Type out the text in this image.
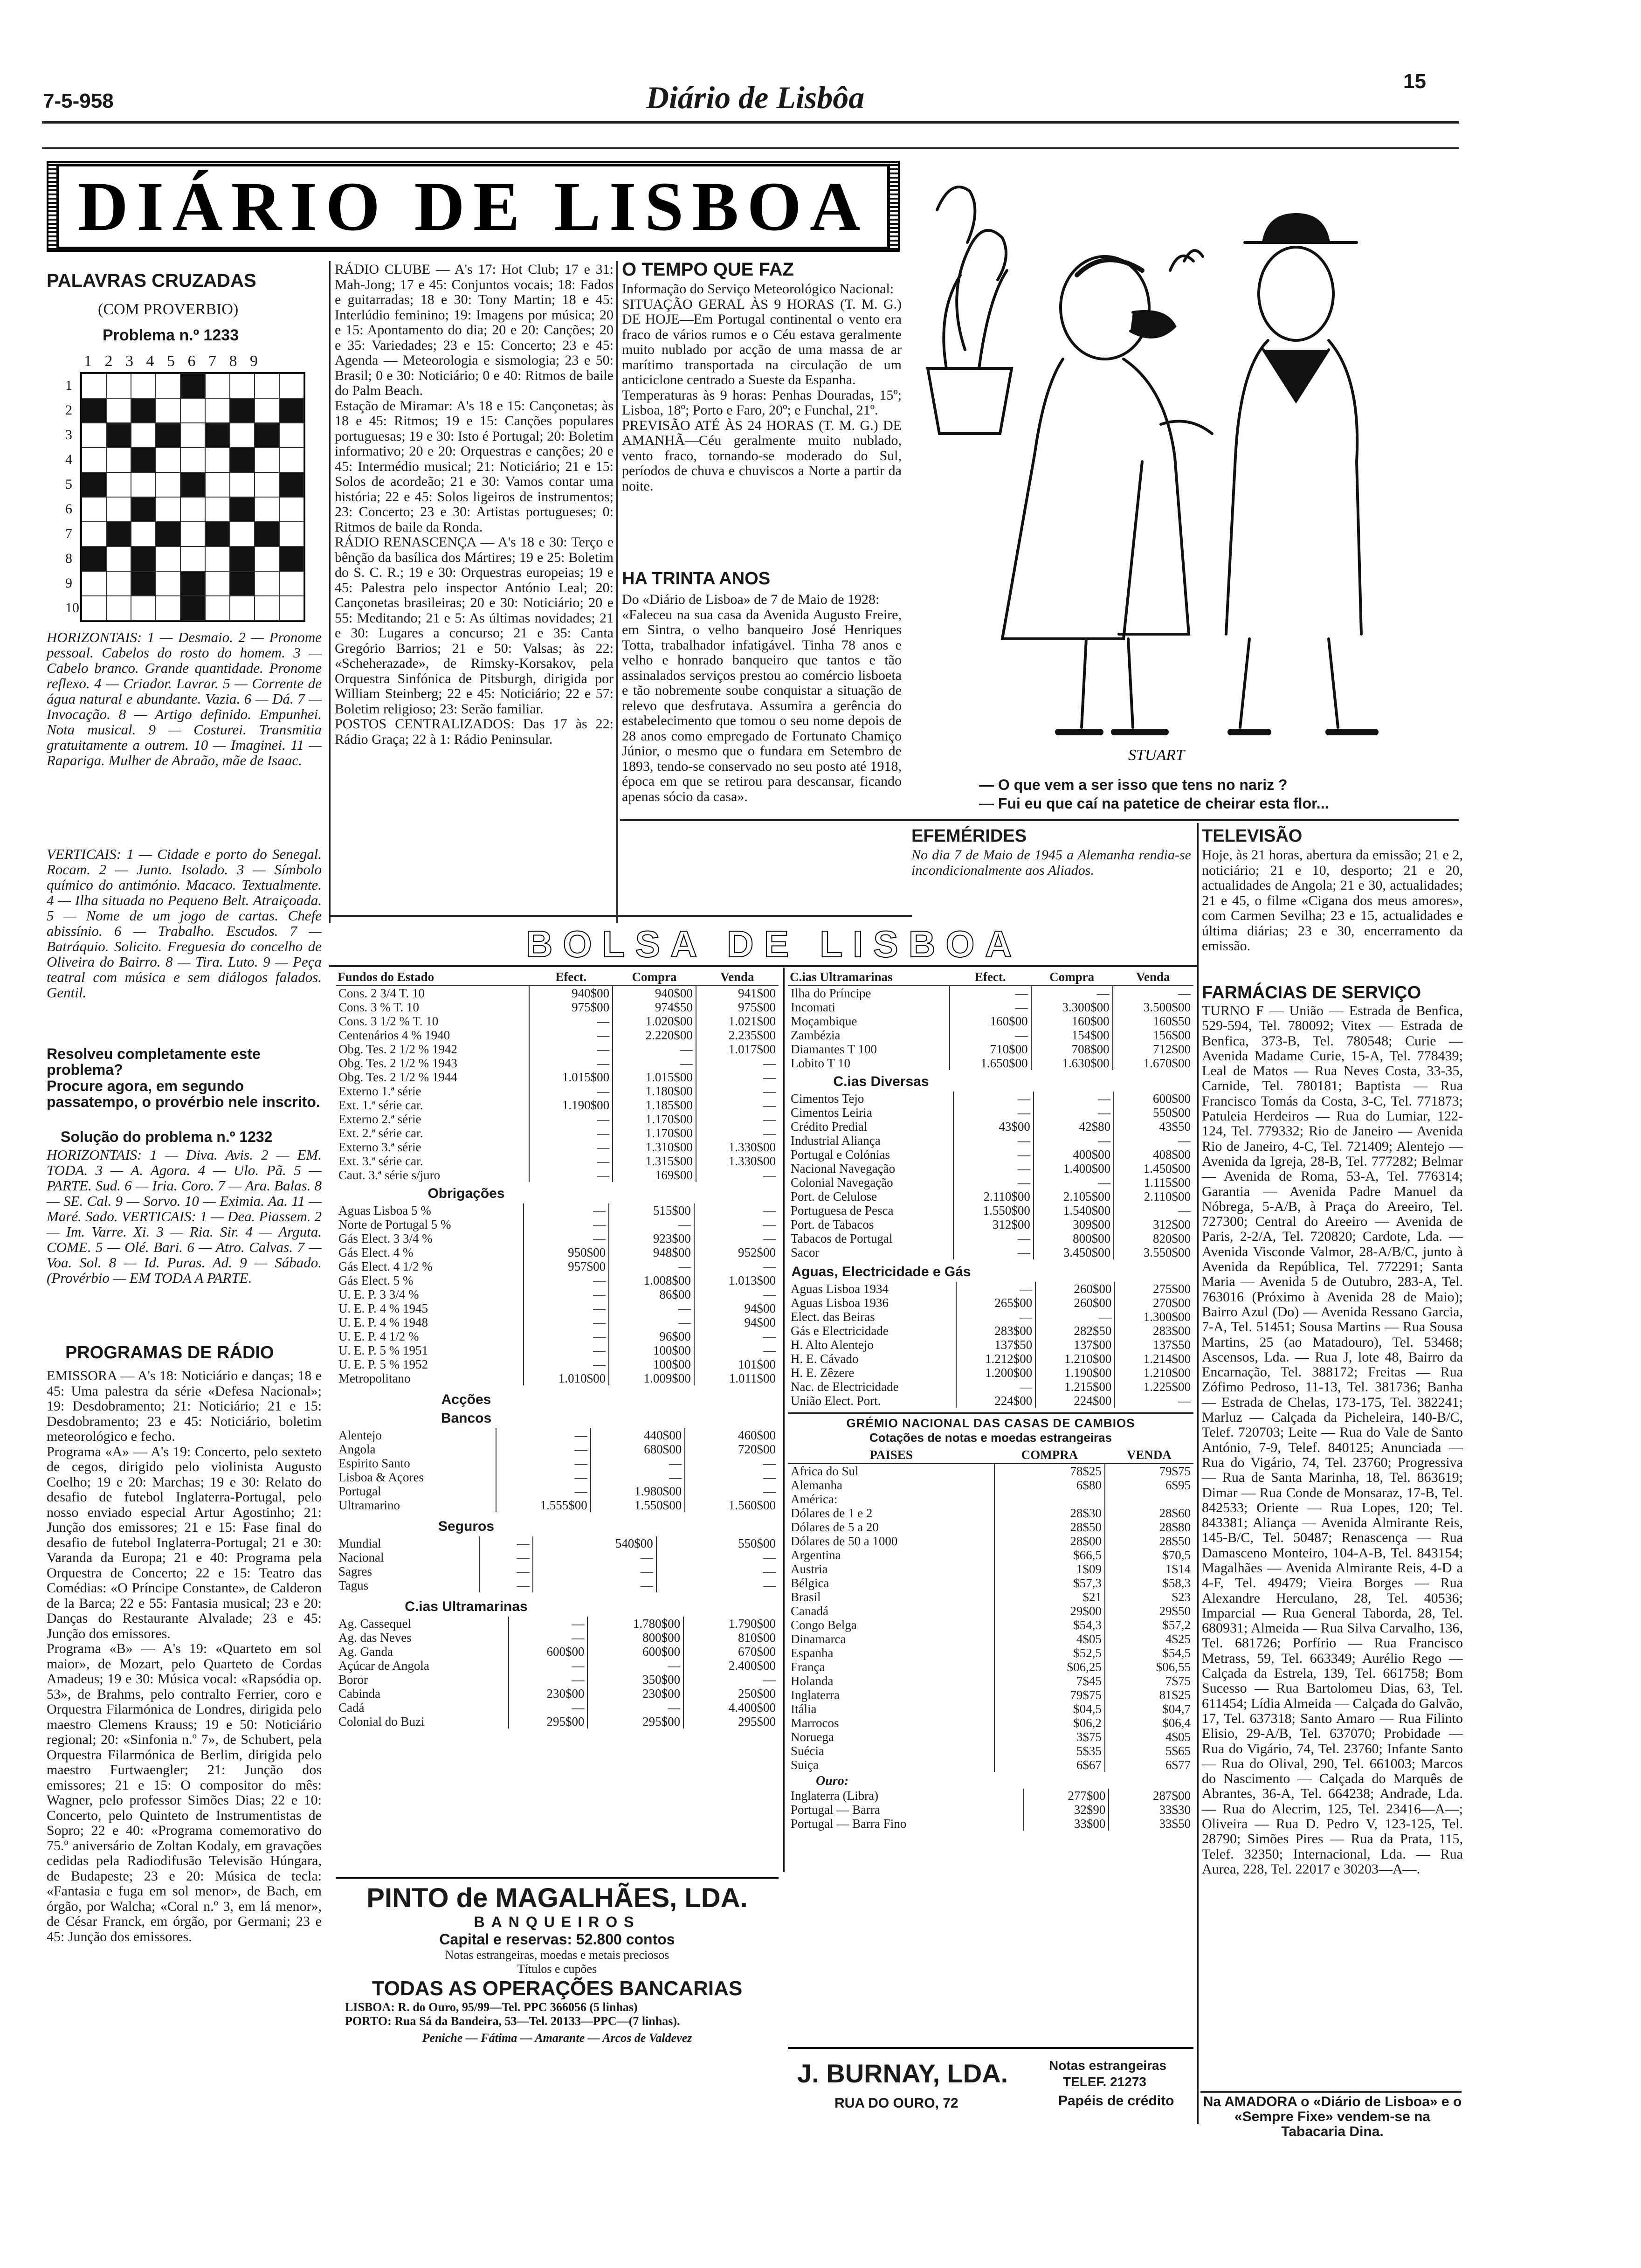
7-5-958	Diário de Lisbôa	15
DIÁRIO DE LISBOA
PALAVRAS CRUZADAS
(COM PROVERBIO)
Problema n.º 1233
1 2 3 4 5 6 7 8 9
1
2
3
4
5
6
7
8
9
10
HORIZONTAIS: 1 — Desmaio. 2 — Pronome pessoal. Cabelos do rosto do homem. 3 — Cabelo branco. Grande quantidade. Pronome reflexo. 4 — Criador. Lavrar. 5 — Corrente de água natural e abundante. Vazia. 6 — Dá. 7 — Invocação. 8 — Artigo definido. Empunhei. Nota musical. 9 — Costurei. Transmitia gratuitamente a outrem. 10 — Imaginei. 11 — Rapariga. Mulher de Abraão, mãe de Isaac.
VERTICAIS: 1 — Cidade e porto do Senegal. Rocam. 2 — Junto. Isolado. 3 — Símbolo químico do antimónio. Macaco. Textualmente. 4 — Ilha situada no Pequeno Belt. Atraiçoada. 5 — Nome de um jogo de cartas. Chefe abissínio. 6 — Trabalho. Escudos. 7 — Batráquio. Solicito. Freguesia do concelho de Oliveira do Bairro. 8 — Tira. Luto. 9 — Peça teatral com música e sem diálogos falados. Gentil.
Resolveu completamente este problema?
Procure agora, em segundo passatempo, o provérbio nele inscrito.
Solução do problema n.º 1232
HORIZONTAIS: 1 — Diva. Avis. 2 — EM. TODA. 3 — A. Agora. 4 — Ulo. Pã. 5 — PARTE. Sud. 6 — Iria. Coro. 7 — Ara. Balas. 8 — SE. Cal. 9 — Sorvo. 10 — Eximia. Aa. 11 — Maré. Sado. VERTICAIS: 1 — Dea. Piassem. 2 — Im. Varre. Xi. 3 — Ria. Sir. 4 — Arguta. COME. 5 — Olé. Bari. 6 — Atro. Calvas. 7 — Voa. Sol. 8 — Id. Puras. Ad. 9 — Sábado. (Provérbio — EM TODA A PARTE.
PROGRAMAS DE RÁDIO
EMISSORA — A's 18: Noticiário e danças; 18 e 45: Uma palestra da série «Defesa Nacional»; 19: Desdobramento; 21: Noticiário; 21 e 15: Desdobramento; 23 e 45: Noticiário, boletim meteorológico e fecho.
Programa «A» — A's 19: Concerto, pelo sexteto de cegos, dirigido pelo violinista Augusto Coelho; 19 e 20: Marchas; 19 e 30: Relato do desafio de futebol Inglaterra-Portugal, pelo nosso enviado especial Artur Agostinho; 21: Junção dos emissores; 21 e 15: Fase final do desafio de futebol Inglaterra-Portugal; 21 e 30: Varanda da Europa; 21 e 40: Programa pela Orquestra de Concerto; 22 e 15: Teatro das Comédias: «O Príncipe Constante», de Calderon de la Barca; 22 e 55: Fantasia musical; 23 e 20: Danças do Restaurante Alvalade; 23 e 45: Junção dos emissores.
Programa «B» — A's 19: «Quarteto em sol maior», de Mozart, pelo Quarteto de Cordas Amadeus; 19 e 30: Música vocal: «Rapsódia op. 53», de Brahms, pelo contralto Ferrier, coro e Orquestra Filarmónica de Londres, dirigida pelo maestro Clemens Krauss; 19 e 50: Noticiário regional; 20: «Sinfonia n.º 7», de Schubert, pela Orquestra Filarmónica de Berlim, dirigida pelo maestro Furtwaengler; 21: Junção dos emissores; 21 e 15: O compositor do mês: Wagner, pelo professor Simões Dias; 22 e 10: Concerto, pelo Quinteto de Instrumentistas de Sopro; 22 e 40: «Programa comemorativo do 75.º aniversário de Zoltan Kodaly, em gravações cedidas pela Radiodifusão Televisão Húngara, de Budapeste; 23 e 20: Música de tecla: «Fantasia e fuga em sol menor», de Bach, em órgão, por Walcha; «Coral n.º 3, em lá menor», de César Franck, em órgão, por Germani; 23 e 45: Junção dos emissores.
RÁDIO CLUBE — A's 17: Hot Club; 17 e 31: Mah-Jong; 17 e 45: Conjuntos vocais; 18: Fados e guitarradas; 18 e 30: Tony Martin; 18 e 45: Interlúdio feminino; 19: Imagens por música; 20 e 15: Apontamento do dia; 20 e 20: Canções; 20 e 35: Variedades; 23 e 15: Concerto; 23 e 45: Agenda — Meteorologia e sismologia; 23 e 50: Brasil; 0 e 30: Noticiário; 0 e 40: Ritmos de baile do Palm Beach.
Estação de Miramar: A's 18 e 15: Cançonetas; às 18 e 45: Ritmos; 19 e 15: Canções populares portuguesas; 19 e 30: Isto é Portugal; 20: Boletim informativo; 20 e 20: Orquestras e canções; 20 e 45: Intermédio musical; 21: Noticiário; 21 e 15: Solos de acordeão; 21 e 30: Vamos contar uma história; 22 e 45: Solos ligeiros de instrumentos; 23: Concerto; 23 e 30: Artistas portugueses; 0: Ritmos de baile da Ronda.
RÁDIO RENASCENÇA — A's 18 e 30: Terço e bênção da basílica dos Mártires; 19 e 25: Boletim do S. C. R.; 19 e 30: Orquestras europeias; 19 e 45: Palestra pelo inspector António Leal; 20: Cançonetas brasileiras; 20 e 30: Noticiário; 20 e 55: Meditando; 21 e 5: As últimas novidades; 21 e 30: Lugares a concurso; 21 e 35: Canta Gregório Barrios; 21 e 50: Valsas; às 22: «Scheherazade», de Rimsky-Korsakov, pela Orquestra Sinfónica de Pitsburgh, dirigida por William Steinberg; 22 e 45: Noticiário; 22 e 57: Boletim religioso; 23: Serão familiar.
POSTOS CENTRALIZADOS: Das 17 às 22: Rádio Graça; 22 à 1: Rádio Peninsular.
O TEMPO QUE FAZ
Informação do Serviço Meteorológico Nacional:
SITUAÇÃO GERAL ÀS 9 HORAS (T. M. G.) DE HOJE—Em Portugal continental o vento era fraco de vários rumos e o Céu estava geralmente muito nublado por acção de uma massa de ar marítimo transportada na circulação de um anticiclone centrado a Sueste da Espanha.
Temperaturas às 9 horas: Penhas Douradas, 15º; Lisboa, 18º; Porto e Faro, 20º; e Funchal, 21º.
PREVISÃO ATÉ ÀS 24 HORAS (T. M. G.) DE AMANHÃ—Céu geralmente muito nublado, vento fraco, tornando-se moderado do Sul, períodos de chuva e chuviscos a Norte a partir da noite.
HA TRINTA ANOS
Do «Diário de Lisboa» de 7 de Maio de 1928:
«Faleceu na sua casa da Avenida Augusto Freire, em Sintra, o velho banqueiro José Henriques Totta, trabalhador infatigável. Tinha 78 anos e velho e honrado banqueiro que tantos e tão assinalados serviços prestou ao comércio lisboeta e tão nobremente soube conquistar a situação de relevo que desfrutava. Assumira a gerência do estabelecimento que tomou o seu nome depois de 28 anos como empregado de Fortunato Chamiço Júnior, o mesmo que o fundara em Setembro de 1893, tendo-se conservado no seu posto até 1918, época em que se retirou para descansar, ficando apenas sócio da casa».
STUART
— O que vem a ser isso que tens no nariz ?
— Fui eu que caí na patetice de cheirar esta flor...
EFEMÉRIDES
No dia 7 de Maio de 1945 a Alemanha rendia-se incondicionalmente aos Aliados.
TELEVISÃO
Hoje, às 21 horas, abertura da emissão; 21 e 2, noticiário; 21 e 10, desporto; 21 e 20, actualidades de Angola; 21 e 30, actualidades; 21 e 45, o filme «Cigana dos meus amores», com Carmen Sevilha; 23 e 15, actualidades e última diárias; 23 e 30, encerramento da emissão.
FARMÁCIAS DE SERVIÇO
TURNO F — União — Estrada de Benfica, 529-594, Tel. 780092; Vitex — Estrada de Benfica, 373-B, Tel. 780548; Curie — Avenida Madame Curie, 15-A, Tel. 778439; Leal de Matos — Rua Neves Costa, 33-35, Carnide, Tel. 780181; Baptista — Rua Francisco Tomás da Costa, 3-C, Tel. 771873; Patuleia Herdeiros — Rua do Lumiar, 122-124, Tel. 779332; Rio de Janeiro — Avenida Rio de Janeiro, 4-C, Tel. 721409; Alentejo — Avenida da Igreja, 28-B, Tel. 777282; Belmar — Avenida de Roma, 53-A, Tel. 776314; Garantia — Avenida Padre Manuel da Nóbrega, 5-A/B, à Praça do Areeiro, Tel. 727300; Central do Areeiro — Avenida de Paris, 2-2/A, Tel. 720820; Cardote, Lda. — Avenida Visconde Valmor, 28-A/B/C, junto à Avenida da República, Tel. 772291; Santa Maria — Avenida 5 de Outubro, 283-A, Tel. 763016 (Próximo à Avenida 28 de Maio); Bairro Azul (Do) — Avenida Ressano Garcia, 7-A, Tel. 51451; Sousa Martins — Rua Sousa Martins, 25 (ao Matadouro), Tel. 53468; Ascensos, Lda. — Rua J, lote 48, Bairro da Encarnação, Tel. 388172; Freitas — Rua Zófimo Pedroso, 11-13, Tel. 381736; Banha — Estrada de Chelas, 173-175, Tel. 382241; Marluz — Calçada da Picheleira, 140-B/C, Telef. 720703; Leite — Rua do Vale de Santo António, 7-9, Telef. 840125; Anunciada — Rua do Vigário, 74, Tel. 23760; Progressiva — Rua de Santa Marinha, 18, Tel. 863619; Dimar — Rua Conde de Monsaraz, 17-B, Tel. 842533; Oriente — Rua Lopes, 120; Tel. 843381; Aliança — Avenida Almirante Reis, 145-B/C, Tel. 50487; Renascença — Rua Damasceno Monteiro, 104-A-B, Tel. 843154; Magalhães — Avenida Almirante Reis, 4-D a 4-F, Tel. 49479; Vieira Borges — Rua Alexandre Herculano, 28, Tel. 40536; Imparcial — Rua General Taborda, 28, Tel. 680931; Almeida — Rua Silva Carvalho, 136, Tel. 681726; Porfírio — Rua Francisco Metrass, 59, Tel. 663349; Aurélio Rego — Calçada da Estrela, 139, Tel. 661758; Bom Sucesso — Rua Bartolomeu Dias, 63, Tel. 611454; Lídia Almeida — Calçada do Galvão, 17, Tel. 637318; Santo Amaro — Rua Filinto Elisio, 29-A/B, Tel. 637070; Probidade — Rua do Vigário, 74, Tel. 23760; Infante Santo — Rua do Olival, 290, Tel. 661003; Marcos do Nascimento — Calçada do Marquês de Abrantes, 36-A, Tel. 664238; Andrade, Lda. — Rua do Alecrim, 125, Tel. 23416—A—; Oliveira — Rua D. Pedro V, 123-125, Tel. 28790; Simões Pires — Rua da Prata, 115, Telef. 32350; Internacional, Lda. — Rua Aurea, 228, Tel. 22017 e 30203—A—.
Na AMADORA o «Diário de Lisboa» e o «Sempre Fixe» vendem-se na Tabacaria Dina.
BOLSA DE LISBOA
Fundos do Estado	Efect.	Compra	Venda
Cons. 2 3/4 T. 10	940$00	940$00	941$00
Cons. 3 % T. 10	975$00	974$50	975$00
Cons. 3 1/2 % T. 10	—	1.020$00	1.021$00
Centenários 4 % 1940	—	2.220$00	2.235$00
Obg. Tes. 2 1/2 % 1942	—	—	1.017$00
Obg. Tes. 2 1/2 % 1943	—	—	—
Obg. Tes. 2 1/2 % 1944	1.015$00	1.015$00	—
Externo 1.ª série	—	1.180$00	—
Ext. 1.ª série car.	1.190$00	1.185$00	—
Externo 2.ª série	—	1.170$00	—
Ext. 2.ª série car.	—	1.170$00	—
Externo 3.ª série	—	1.310$00	1.330$00
Ext. 3.ª série car.	—	1.315$00	1.330$00
Caut. 3.ª série s/juro	—	169$00	—
Obrigações
Aguas Lisboa 5 %	—	515$00	—
Norte de Portugal 5 %	—	—	—
Gás Elect. 3 3/4 %	—	923$00	—
Gás Elect. 4 %	950$00	948$00	952$00
Gás Elect. 4 1/2 %	957$00	—	—
Gás Elect. 5 %	—	1.008$00	1.013$00
U. E. P. 3 3/4 %	—	86$00	—
U. E. P. 4 % 1945	—	—	94$00
U. E. P. 4 % 1948	—	—	94$00
U. E. P. 4 1/2 %	—	96$00	—
U. E. P. 5 % 1951	—	100$00	—
U. E. P. 5 % 1952	—	100$00	101$00
Metropolitano	1.010$00	1.009$00	1.011$00
Acções
Bancos
Alentejo	—	440$00	460$00
Angola	—	680$00	720$00
Espirito Santo	—	—	—
Lisboa & Açores	—	—	—
Portugal	—	1.980$00	—
Ultramarino	1.555$00	1.550$00	1.560$00
Seguros
Mundial	—	540$00	550$00
Nacional	—	—	—
Sagres	—	—	—
Tagus	—	—	—
C.ias Ultramarinas
Ag. Cassequel	—	1.780$00	1.790$00
Ag. das Neves	—	800$00	810$00
Ag. Ganda	600$00	600$00	670$00
Açúcar de Angola	—	—	2.400$00
Boror	—	350$00	—
Cabinda	230$00	230$00	250$00
Cadá	—	—	4.400$00
Colonial do Buzi	295$00	295$00	295$00
C.ias Ultramarinas	Efect.	Compra	Venda
Ilha do Príncipe	—	—	—
Incomati	—	3.300$00	3.500$00
Moçambique	160$00	160$00	160$50
Zambézia	—	154$00	156$00
Diamantes T 100	710$00	708$00	712$00
Lobito T 10	1.650$00	1.630$00	1.670$00
C.ias Diversas
Cimentos Tejo	—	—	600$00
Cimentos Leiria	—	—	550$00
Crédito Predial	43$00	42$80	43$50
Industrial Aliança	—	—	—
Portugal e Colónias	—	400$00	408$00
Nacional Navegação	—	1.400$00	1.450$00
Colonial Navegação	—	—	1.115$00
Port. de Celulose	2.110$00	2.105$00	2.110$00
Portuguesa de Pesca	1.550$00	1.540$00	—
Port. de Tabacos	312$00	309$00	312$00
Tabacos de Portugal	—	800$00	820$00
Sacor	—	3.450$00	3.550$00
Aguas, Electricidade e Gás
Aguas Lisboa 1934	—	260$00	275$00
Aguas Lisboa 1936	265$00	260$00	270$00
Elect. das Beiras	—	—	1.300$00
Gás e Electricidade	283$00	282$50	283$00
H. Alto Alentejo	137$50	137$00	137$50
H. E. Cávado	1.212$00	1.210$00	1.214$00
H. E. Zêzere	1.200$00	1.190$00	1.210$00
Nac. de Electricidade	—	1.215$00	1.225$00
União Elect. Port.	224$00	224$00	—
GRÉMIO NACIONAL DAS CASAS DE CAMBIOS
Cotações de notas e moedas estrangeiras
PAISES	COMPRA	VENDA
Africa do Sul	78$25	79$75
Alemanha	6$80	6$95
América:		
Dólares de 1 e 2	28$30	28$60
Dólares de 5 a 20	28$50	28$80
Dólares de 50 a 1000	28$00	28$50
Argentina	$66,5	$70,5
Austria	1$09	1$14
Bélgica	$57,3	$58,3
Brasil	$21	$23
Canadá	29$00	29$50
Congo Belga	$54,3	$57,2
Dinamarca	4$05	4$25
Espanha	$52,5	$54,5
França	$06,25	$06,55
Holanda	7$45	7$75
Inglaterra	79$75	81$25
Itália	$04,5	$04,7
Marrocos	$06,2	$06,4
Noruega	3$75	4$05
Suécia	5$35	5$65
Suiça	6$67	6$77
Ouro:
Inglaterra (Libra)	277$00	287$00
Portugal — Barra	32$90	33$30
Portugal — Barra Fino	33$00	33$50
PINTO de MAGALHÃES, LDA.
BANQUEIROS
Capital e reservas: 52.800 contos
Notas estrangeiras, moedas e metais preciosos
Títulos e cupões
TODAS AS OPERAÇÕES BANCARIAS
LISBOA: R. do Ouro, 95/99—Tel. PPC 366056 (5 linhas)
PORTO: Rua Sá da Bandeira, 53—Tel. 20133—PPC—(7 linhas).
Peniche — Fátima — Amarante — Arcos de Valdevez
J. BURNAY, LDA.
RUA DO OURO, 72
Notas estrangeiras
TELEF. 21273
Papéis de crédito
